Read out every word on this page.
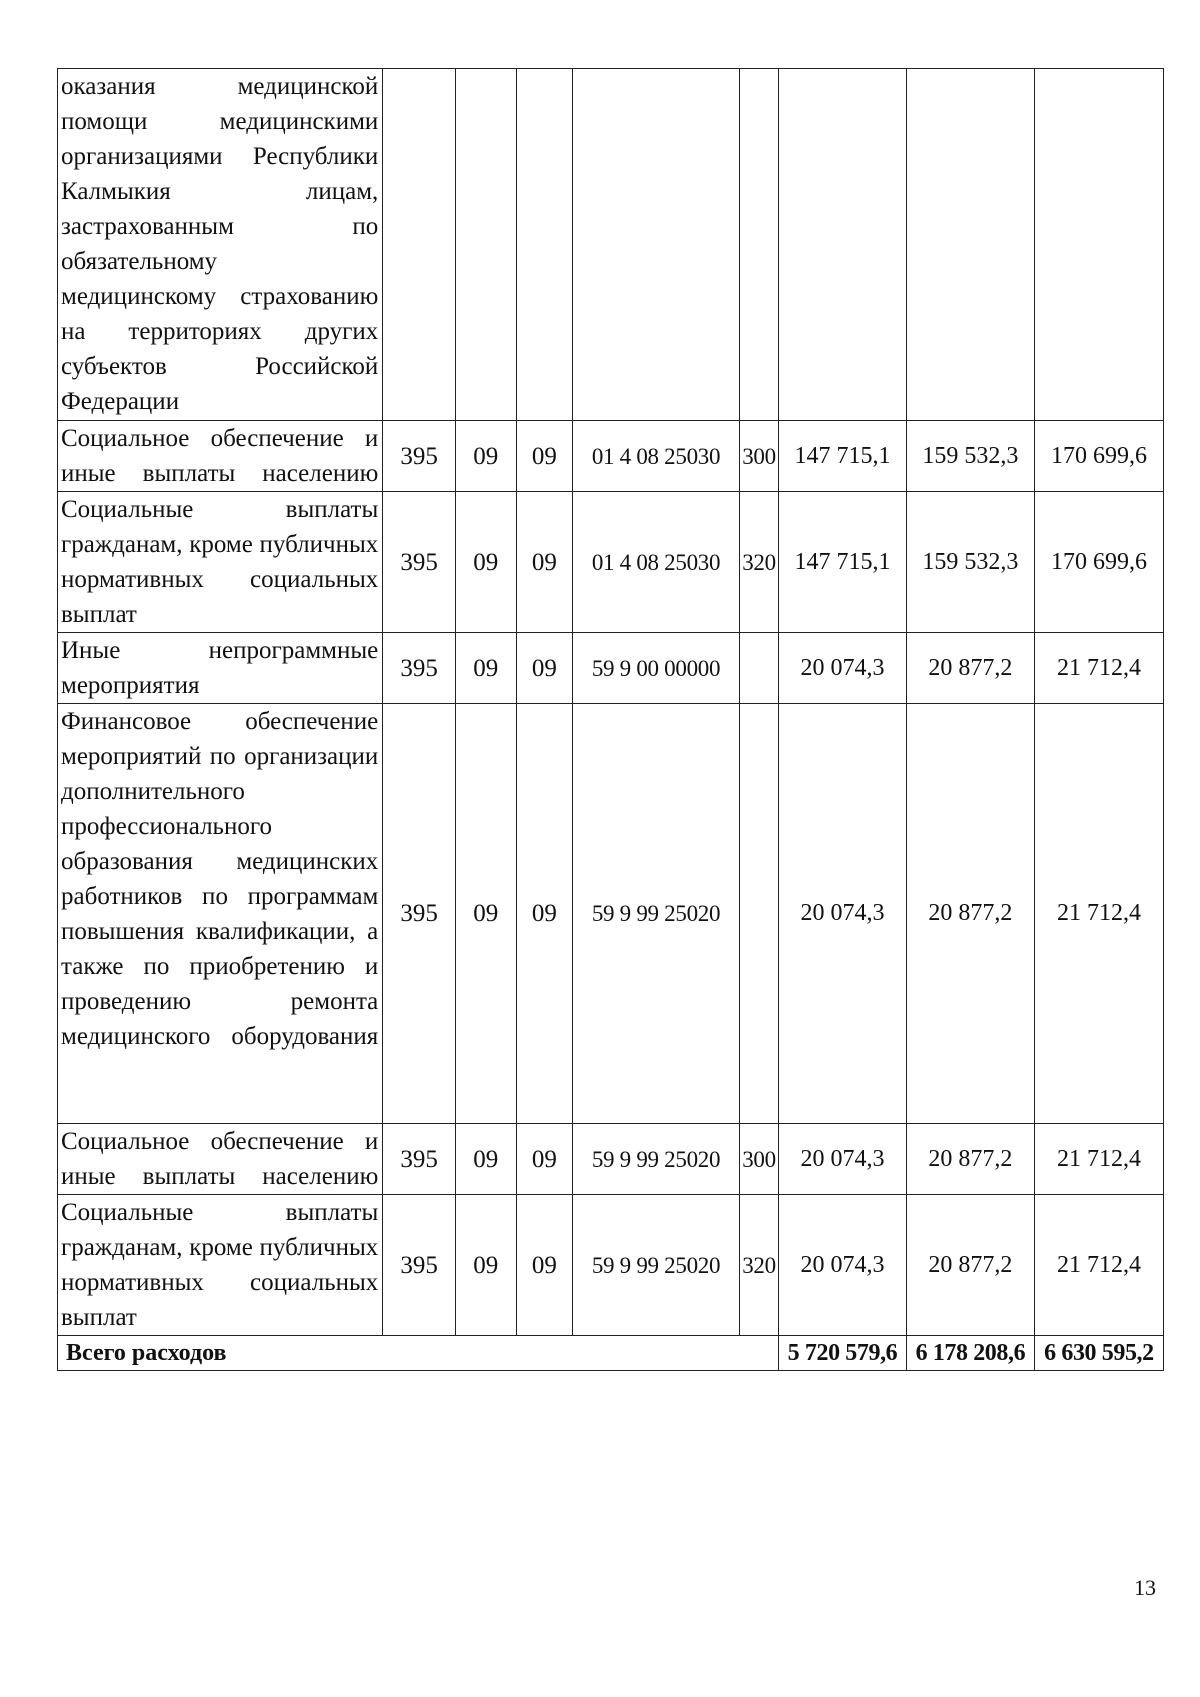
оказания медицинской помощи медицинскими организациями Республики Калмыкия лицам, застрахованным по обязательному медицинскому страхованию на территориях других субъектов Российской Федерации								

Социальное обеспечение и иные выплаты населению	395	09	09	01 4 08 25030	300	147 715,1	159 532,3	170 699,6

Социальные выплаты гражданам, кроме публичных нормативных социальных выплат	395	09	09	01 4 08 25030	320	147 715,1	159 532,3	170 699,6

Иные непрограммные мероприятия	395	09	09	59 9 00 00000		20 074,3	20 877,2	21 712,4

Финансовое обеспечение мероприятий по организации дополнительного профессионального образования медицинских работников по программам повышения квалификации, а также по приобретению и проведению ремонта медицинского оборудования	395	09	09	59 9 99 25020		20 074,3	20 877,2	21 712,4

Социальное обеспечение и иные выплаты населению	395	09	09	59 9 99 25020	300	20 074,3	20 877,2	21 712,4

Социальные выплаты гражданам, кроме публичных нормативных социальных выплат	395	09	09	59 9 99 25020	320	20 074,3	20 877,2	21 712,4
Всего расходов						5 720 579,6	6 178 208,6	6 630 595,2
13
